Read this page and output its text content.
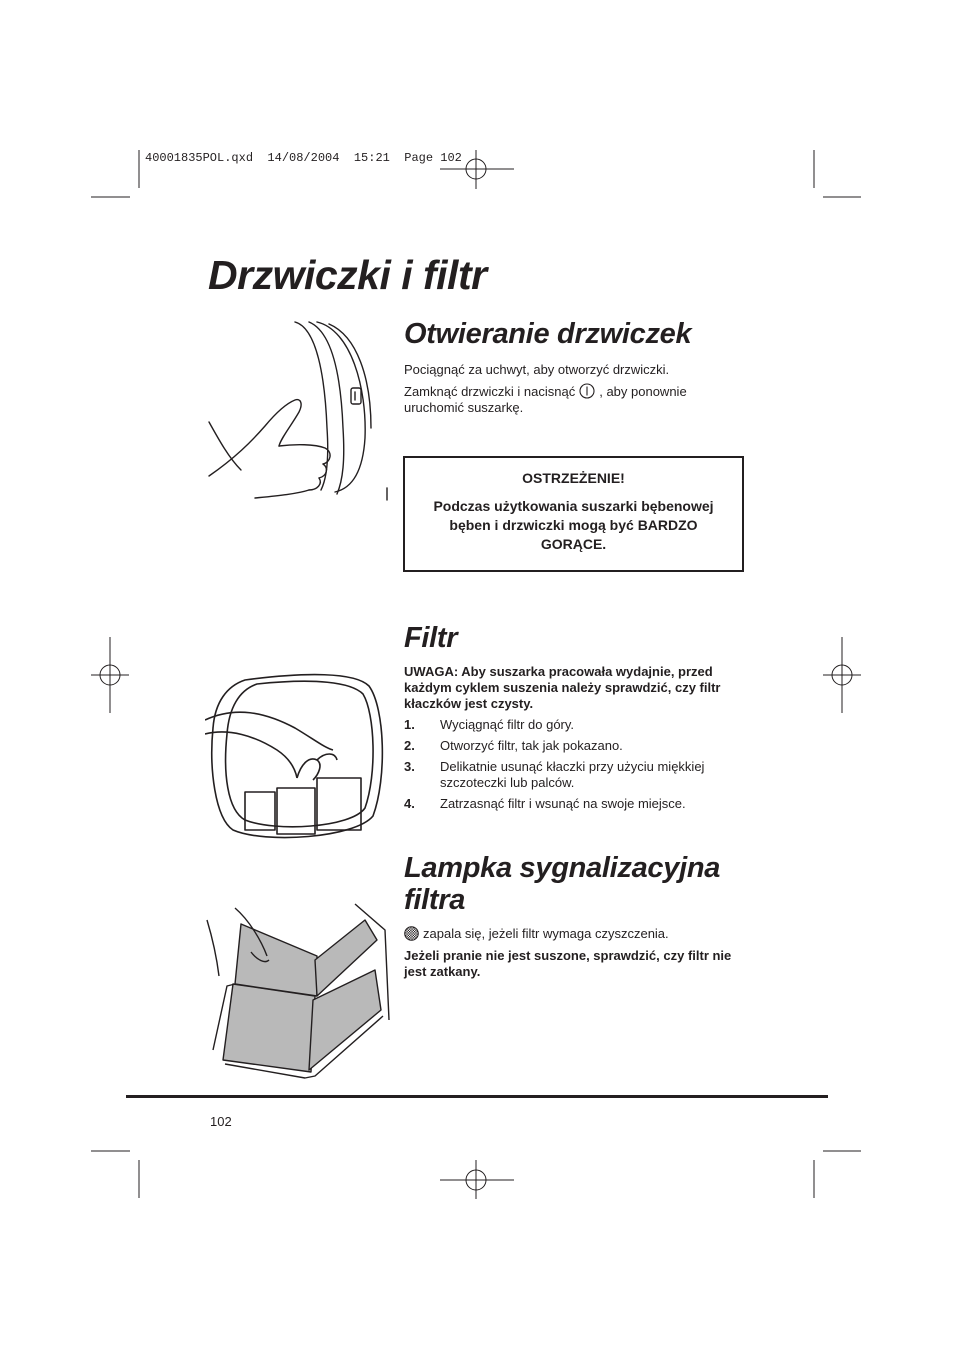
40001835POL.qxd  14/08/2004  15:21  Page 102
Drzwiczki i filtr
Otwieranie drzwiczek

Pociągnąć za uchwyt, aby otworzyć drzwiczki.

Zamknąć drzwiczki i nacisnąć , aby ponownie
uruchomić suszarkę.
OSTRZEŻENIE!
Podczas użytkowania suszarki bębenowej bęben i drzwiczki mogą być BARDZO GORĄCE.
Filtr

UWAGA: Aby suszarka pracowała wydajnie, przed każdym cyklem suszenia należy sprawdzić, czy filtr kłaczków jest czysty.

1.	Wyciągnąć filtr do góry.
2.	Otworzyć filtr, tak jak pokazano.
3.	Delikatnie usunąć kłaczki przy użyciu miękkiej szczoteczki lub palców.
4.	Zatrzasnąć filtr i wsunąć na swoje miejsce.
Lampka sygnalizacyjna
filtra
zapala się, jeżeli filtr wymaga czyszczenia.

Jeżeli pranie nie jest suszone, sprawdzić, czy filtr nie jest zatkany.

102
